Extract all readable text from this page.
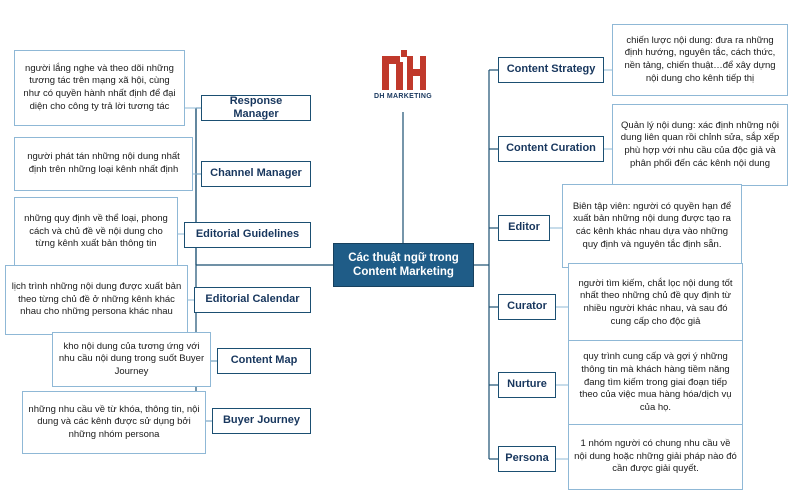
DH MARKETING
Các thuật ngữ trong Content Marketing
Response Manager
Channel Manager
Editorial Guidelines
Editorial Calendar
Content Map
Buyer Journey
người lắng nghe và theo dõi những tương tác trên mạng xã hội, cùng như có quyền hành nhất định để đại diện cho công ty trả lời tương tác
người phát tán những nội dung nhất định trên những loại kênh nhất định
những quy định về thể loại, phong cách và chủ đề về nội dung cho từng kênh xuất bản thông tin
lịch trình những nội dung được xuất bản theo từng chủ đề ở những kênh khác nhau cho những persona khác nhau
kho nội dung của tương ứng với nhu cầu nội dung trong suốt Buyer Journey
những nhu cầu về từ khóa, thông tin, nội dung và các kênh được sử dụng bởi những nhóm persona
Content Strategy
Content Curation
Editor
Curator
Nurture
Persona
chiến lược nội dung: đưa ra những định hướng, nguyên tắc, cách thức, nền tảng, chiến thuật…để xây dựng nội dung cho kênh tiếp thị
Quản lý nội dung: xác định những nội dung liên quan rồi chỉnh sửa, sắp xếp phù hợp với nhu cầu của độc giả và phân phối đến các kênh nội dung
Biên tập viên: người có quyền hạn để xuất bản những nội dung được tạo ra các kênh khác nhau dựa vào những quy định và nguyên tắc định sẵn.
người tìm kiếm, chắt lọc nội dung tốt nhất theo những chủ đề quy định từ nhiều người khác nhau, và sau đó cung cấp cho độc giả
quy trình cung cấp và gợi ý những thông tin mà khách hàng tiềm năng đang tìm kiếm trong giai đoạn tiếp theo của việc mua hàng hóa/dịch vụ của họ.
1 nhóm người có chung nhu cầu về nội dung hoặc những giải pháp nào đó cần được giải quyết.
